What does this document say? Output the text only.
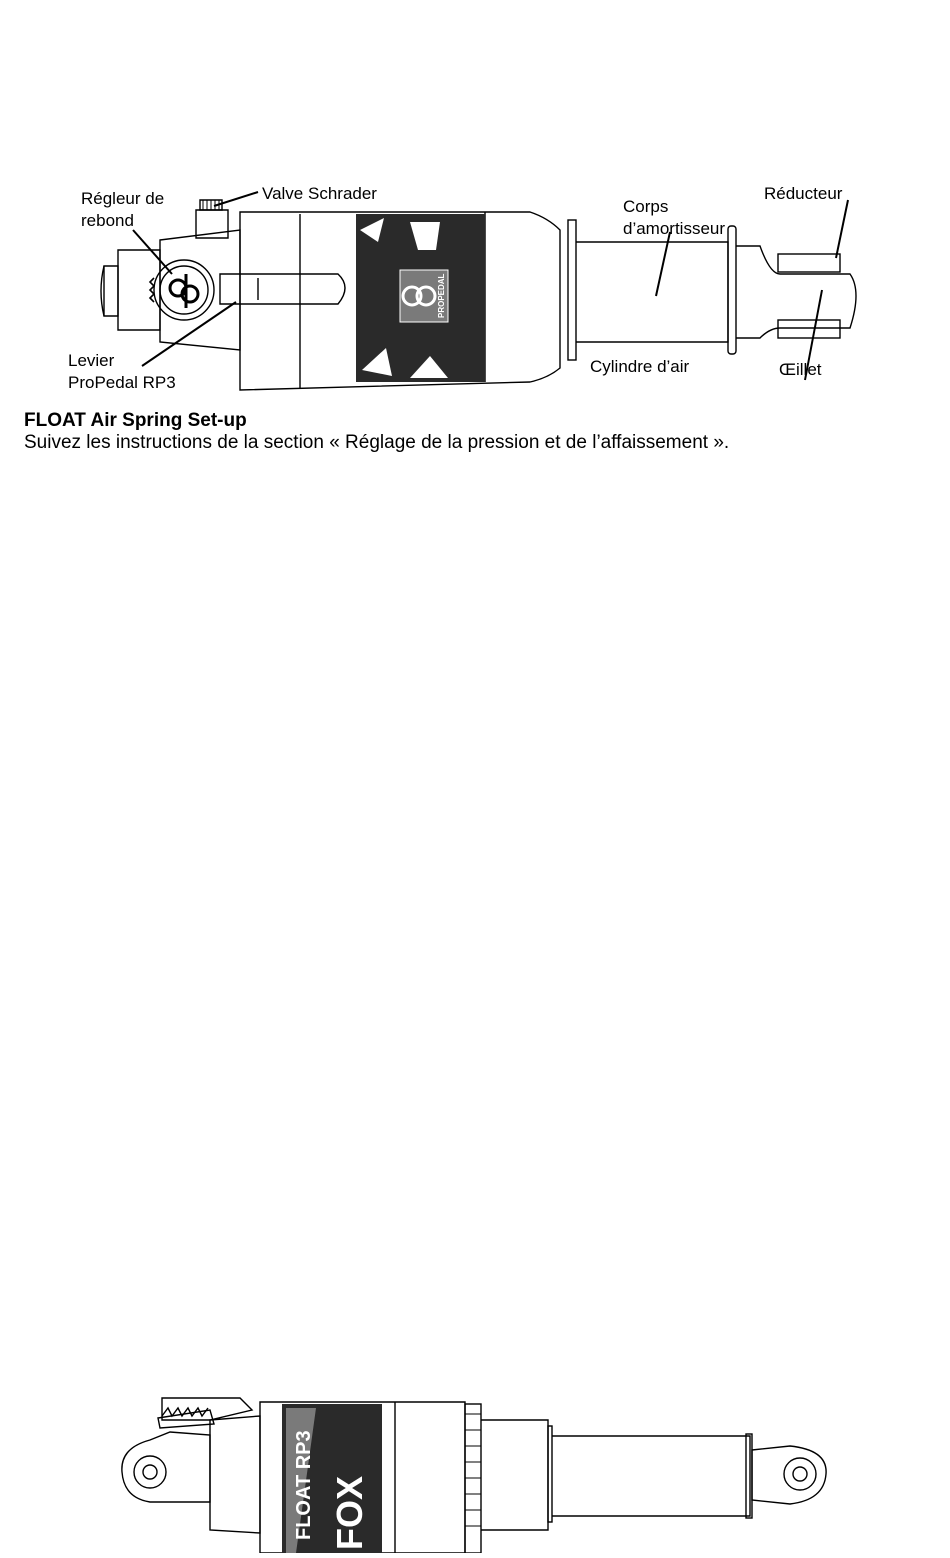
PROPEDAL
Régleur de
rebond
Valve Schrader
Corps
d’amortisseur
Réducteur
Levier
ProPedal RP3
Cylindre d’air	Œillet
FLOAT Air Spring Set-up
Suivez les instructions de la section « Réglage de la pression et de l’affaissement ».
FLOAT RP3 FOX
